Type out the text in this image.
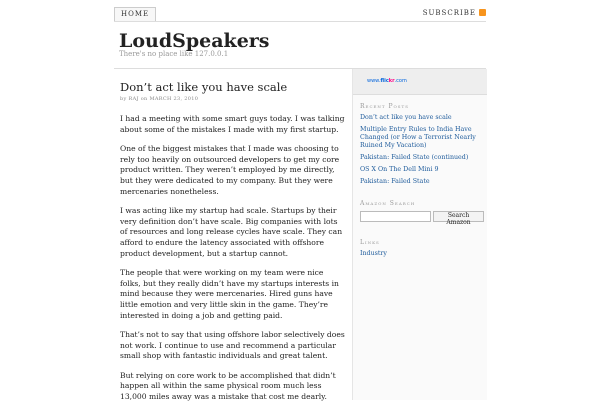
HOME	SUBSCRIBE
LoudSpeakers
There's no place like 127.0.0.1
Don’t act like you have scale
by RAJ on MARCH 23, 2010

I had a meeting with some smart guys today. I was talking about some of the mistakes I made with my first startup.

One of the biggest mistakes that I made was choosing to rely too heavily on outsourced developers to get my core product written. They weren’t employed by me directly, but they were dedicated to my company. But they were mercenaries nonetheless.

I was acting like my startup had scale. Startups by their very definition don’t have scale. Big companies with lots of resources and long release cycles have scale. They can afford to endure the latency associated with offshore product development, but a startup cannot.

The people that were working on my team were nice folks, but they really didn’t have my startups interests in mind because they were mercenaries. Hired guns have little emotion and very little skin in the game. They’re interested in doing a job and getting paid.

That’s not to say that using offshore labor selectively does not work. I continue to use and recommend a particular small shop with fantastic individuals and great talent.

But relying on core work to be accomplished that didn’t happen all within the same physical room much less 13,000 miles away was a mistake that cost me dearly.

www.flickr.com
Recent Posts
Don’t act like you have scale
Multiple Entry Rules to India Have Changed (or How a Terrorist Nearly Ruined My Vacation)
Pakistan: Failed State (continued)
OS X On The Dell Mini 9
Pakistan: Failed State
Amazon Search
Search Amazon
Links
Industry
